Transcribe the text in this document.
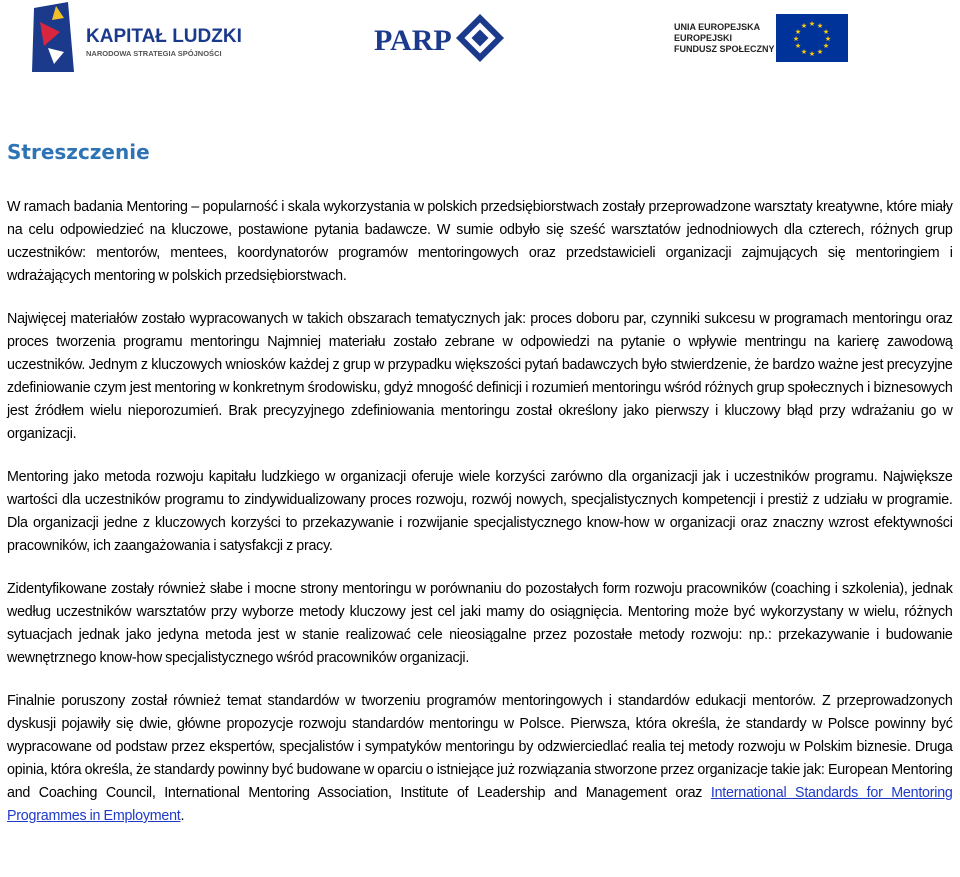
KAPITAŁ LUDZKI
NARODOWA STRATEGIA SPÓJNOŚCI	PARP	UNIA EUROPEJSKA
EUROPEJSKI
FUNDUSZ SPOŁECZNY
★ ★
★
★
★
★
★
★
★
★
★
★
Streszczenie

W ramach badania Mentoring – popularność i skala wykorzystania w polskich przedsiębiorstwach zostały przeprowadzone warsztaty kreatywne, które miały na celu odpowiedzieć na kluczowe, postawione pytania badawcze. W sumie odbyło się sześć warsztatów jednodniowych dla czterech, różnych grup uczestników: mentorów, mentees, koordynatorów programów mentoringowych oraz przedstawicieli organizacji zajmujących się mentoringiem i wdrażających mentoring w polskich przedsiębiorstwach.

Najwięcej materiałów zostało wypracowanych w takich obszarach tematycznych jak: proces doboru par, czynniki sukcesu w programach mentoringu oraz proces tworzenia programu mentoringu Najmniej materiału zostało zebrane w odpowiedzi na pytanie o wpływie mentringu na karierę zawodową uczestników. Jednym z kluczowych wniosków każdej z grup w przypadku większości pytań badawczych było stwierdzenie, że bardzo ważne jest precyzyjne zdefiniowanie czym jest mentoring w konkretnym środowisku, gdyż mnogość definicji i rozumień mentoringu wśród różnych grup społecznych i biznesowych jest źródłem wielu nieporozumień. Brak precyzyjnego zdefiniowania mentoringu został określony jako pierwszy i kluczowy błąd przy wdrażaniu go w organizacji.

Mentoring jako metoda rozwoju kapitału ludzkiego w organizacji oferuje wiele korzyści zarówno dla organizacji jak i uczestników programu. Największe wartości dla uczestników programu to zindywidualizowany proces rozwoju, rozwój nowych, specjalistycznych kompetencji i prestiż z udziału w programie. Dla organizacji jedne z kluczowych korzyści to przekazywanie i rozwijanie specjalistycznego know-how w organizacji oraz znaczny wzrost efektywności pracowników, ich zaangażowania i satysfakcji z pracy.

Zidentyfikowane zostały również słabe i mocne strony mentoringu w porównaniu do pozostałych form rozwoju pracowników (coaching i szkolenia), jednak według uczestników warsztatów przy wyborze metody kluczowy jest cel jaki mamy do osiągnięcia. Mentoring może być wykorzystany w wielu, różnych sytuacjach jednak jako jedyna metoda jest w stanie realizować cele nieosiągalne przez pozostałe metody rozwoju: np.: przekazywanie i budowanie wewnętrznego know-how specjalistycznego wśród pracowników organizacji.

Finalnie poruszony został również temat standardów w tworzeniu programów mentoringowych i standardów edukacji mentorów. Z przeprowadzonych dyskusji pojawiły się dwie, główne propozycje rozwoju standardów mentoringu w Polsce. Pierwsza, która określa, że standardy w Polsce powinny być wypracowane od podstaw przez ekspertów, specjalistów i sympatyków mentoringu by odzwierciedlać realia tej metody rozwoju w Polskim biznesie. Druga opinia, która określa, że standardy powinny być budowane w oparciu o istniejące już rozwiązania stworzone przez organizacje takie jak: European Mentoring and Coaching Council, International Mentoring Association, Institute of Leadership and Management oraz International Standards for Mentoring Programmes in Employment.
